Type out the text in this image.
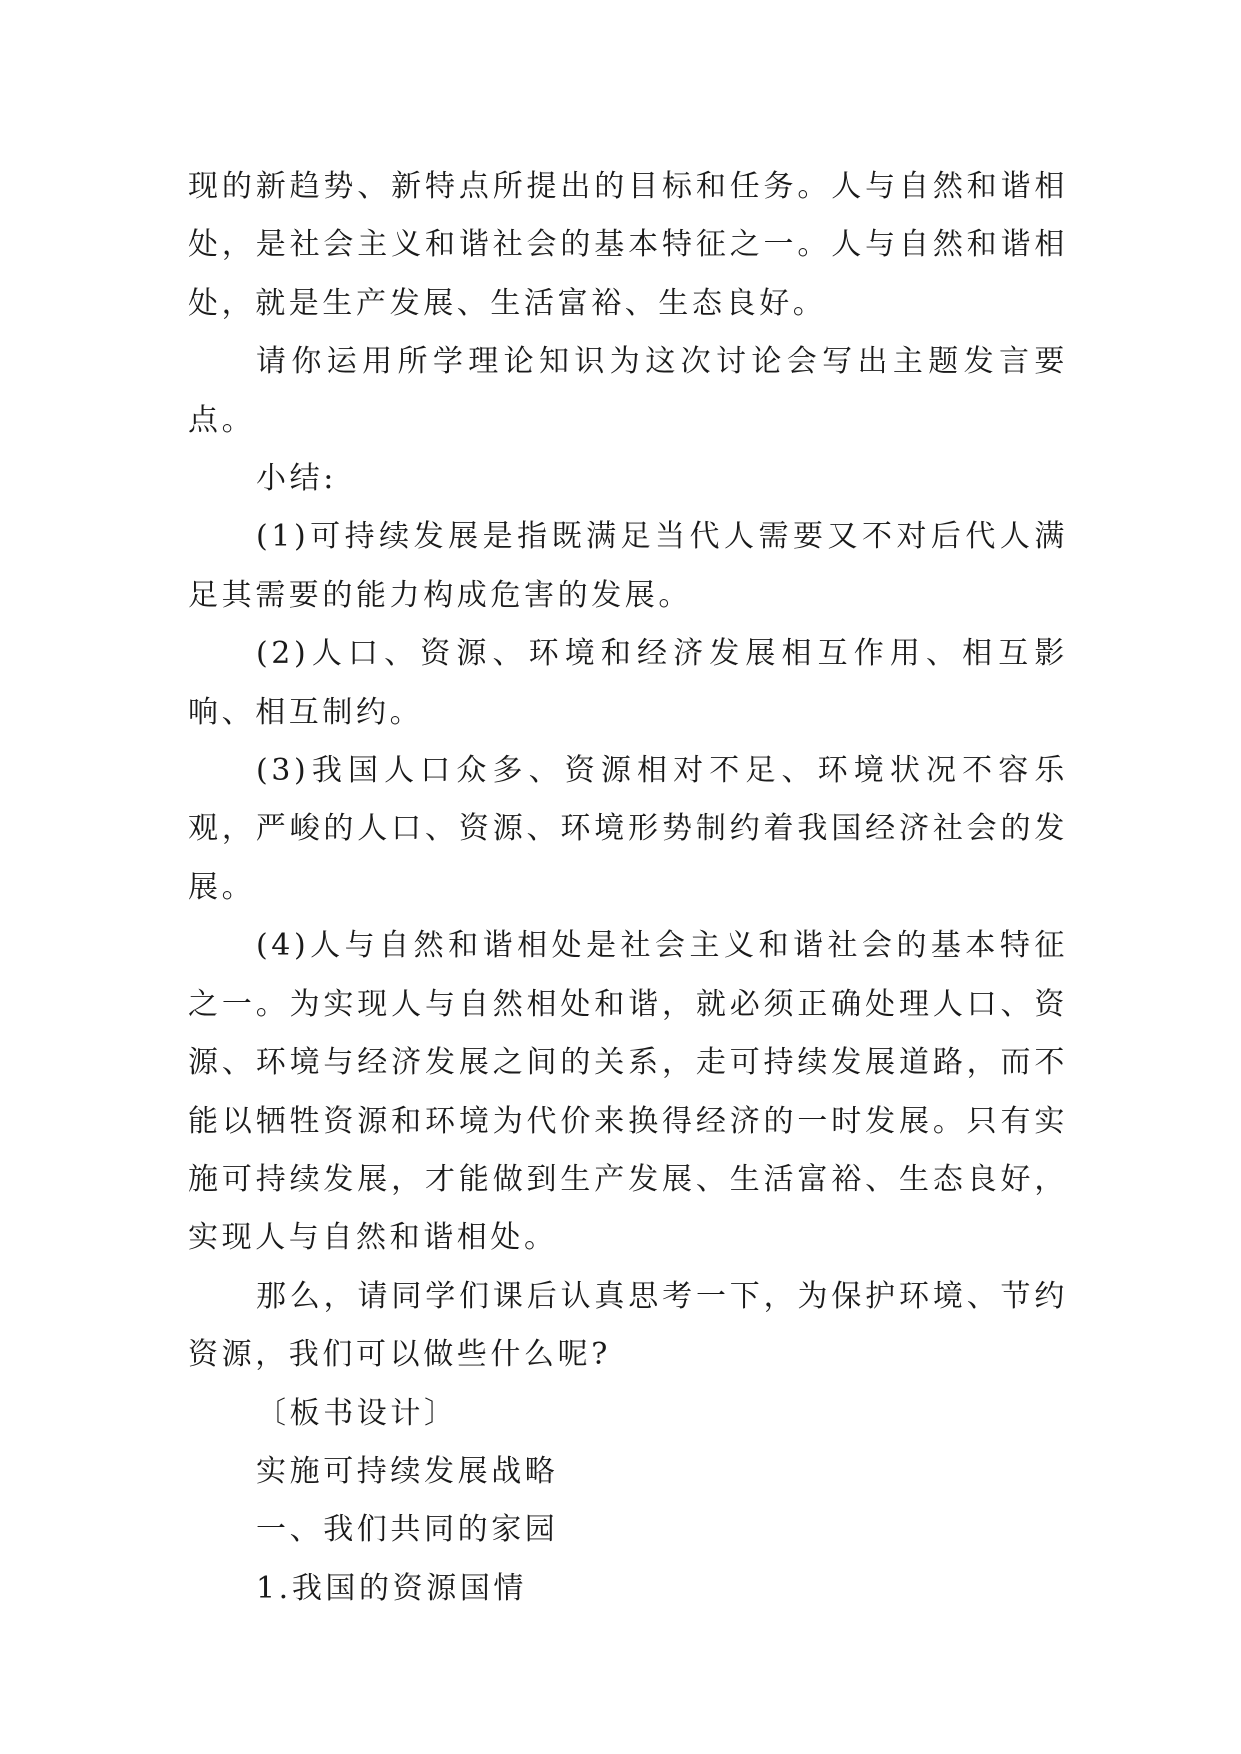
现的新趋势、新特点所提出的目标和任务。人与自然和谐相处，是社会主义和谐社会的基本特征之一。人与自然和谐相处，就是生产发展、生活富裕、生态良好。

请你运用所学理论知识为这次讨论会写出主题发言要点。

小结:

(1)可持续发展是指既满足当代人需要又不对后代人满足其需要的能力构成危害的发展。

(2)人口、资源、环境和经济发展相互作用、相互影响、相互制约。

(3)我国人口众多、资源相对不足、环境状况不容乐观，严峻的人口、资源、环境形势制约着我国经济社会的发展。

(4)人与自然和谐相处是社会主义和谐社会的基本特征之一。为实现人与自然相处和谐，就必须正确处理人口、资源、环境与经济发展之间的关系，走可持续发展道路，而不能以牺牲资源和环境为代价来换得经济的一时发展。只有实施可持续发展，才能做到生产发展、生活富裕、生态良好，实现人与自然和谐相处。

那么，请同学们课后认真思考一下，为保护环境、节约资源，我们可以做些什么呢?

〔板书设计〕

实施可持续发展战略

一、我们共同的家园

1.我国的资源国情
